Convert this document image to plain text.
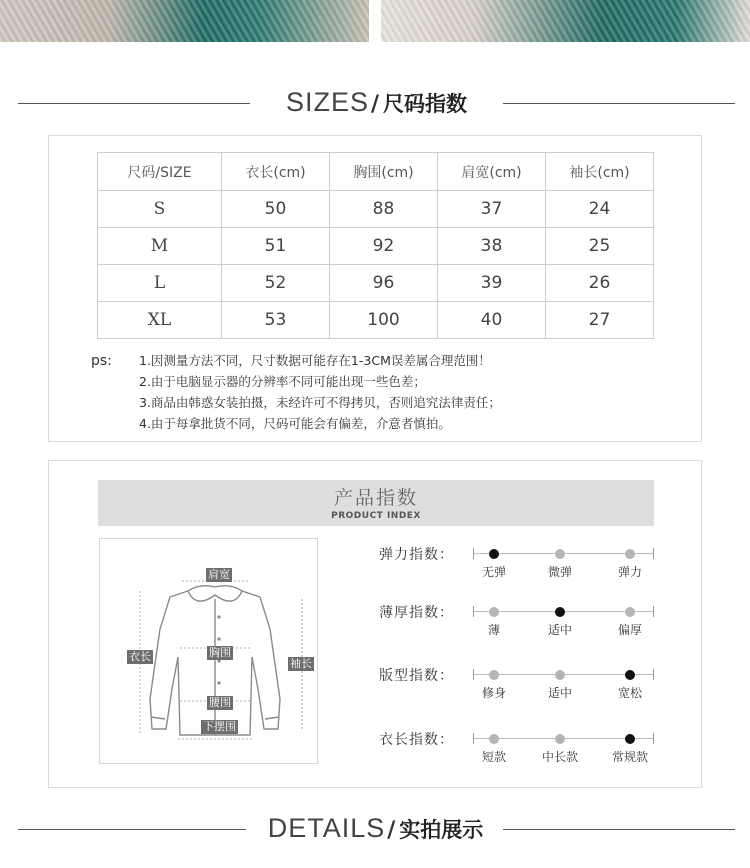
SIZES/ 尺码指数
尺码/SIZE	衣长(cm)	胸围(cm)	肩宽(cm)	袖长(cm)
S	50	88	37	24
M	51	92	38	25
L	52	96	39	26
XL	53	100	40	27
ps: 1.因测量方法不同，尺寸数据可能存在1-3CM误差属合理范围！
2.由于电脑显示器的分辨率不同可能出现一些色差；
3.商品由韩惑女装拍摄，未经许可不得拷贝，否则追究法律责任；
4.由于每拿批货不同，尺码可能会有偏差，介意者慎拍。
产品指数
PRODUCT INDEX
肩宽
衣长	胸围
袖长
腰围
下摆围
弹力指数：
无弹	微弹	弹力
薄厚指数：
薄	适中	偏厚
版型指数：
修身	适中	宽松
衣长指数：
短款	中长款	常规款
DETAILS/ 实拍展示
